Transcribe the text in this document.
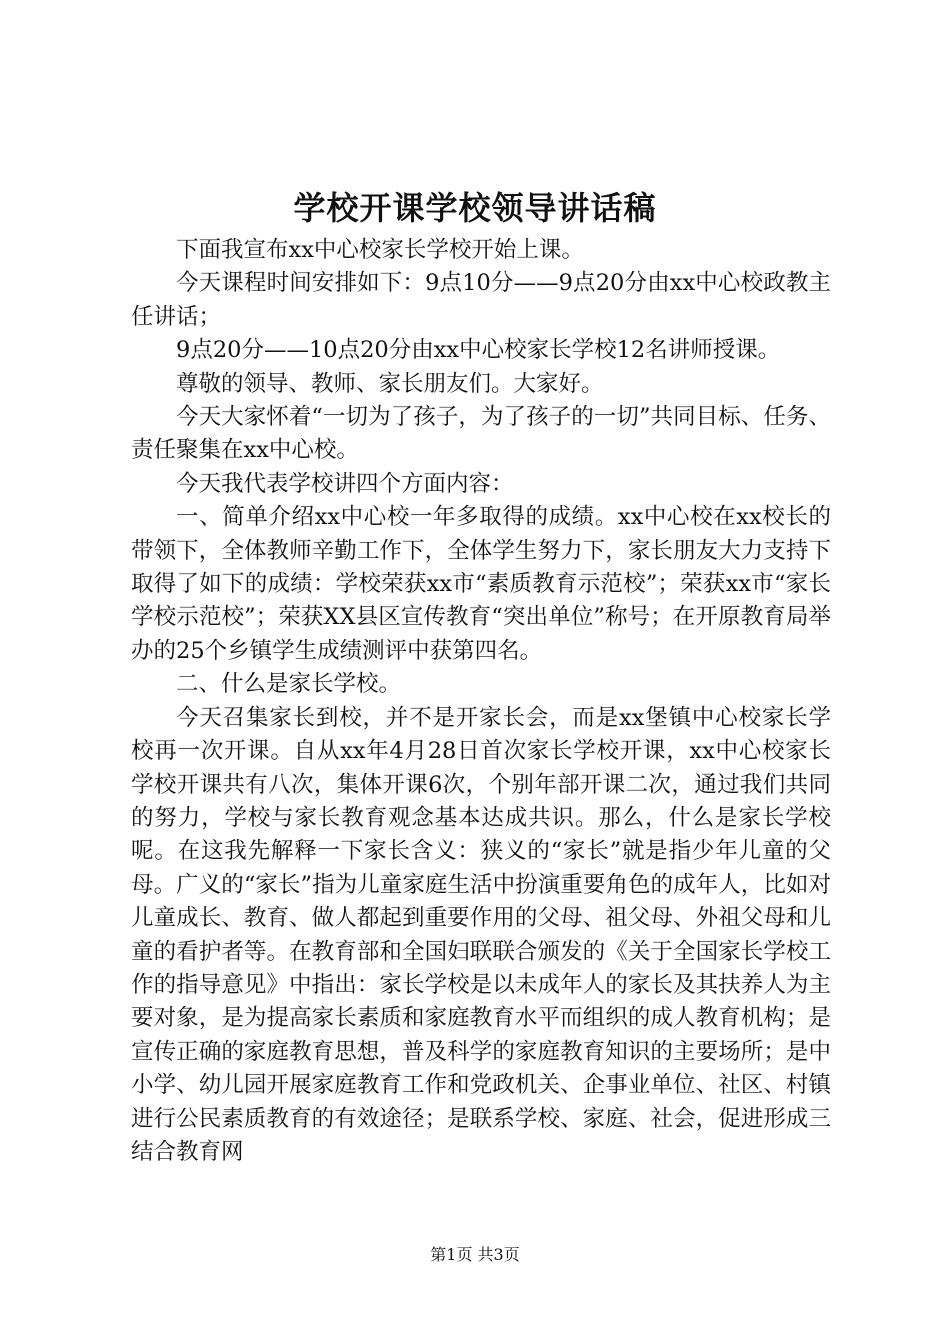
学校开课学校领导讲话稿

下面我宣布xx中心校家长学校开始上课。

今天课程时间安排如下：9点10分——9点20分由xx中心校政教主任讲话；

9点20分——10点20分由xx中心校家长学校12名讲师授课。

尊敬的领导、教师、家长朋友们。大家好。

今天大家怀着“一切为了孩子，为了孩子的一切”共同目标、任务、责任聚集在xx中心校。

今天我代表学校讲四个方面内容：

一、简单介绍xx中心校一年多取得的成绩。xx中心校在xx校长的带领下，全体教师辛勤工作下，全体学生努力下，家长朋友大力支持下取得了如下的成绩：学校荣获xx市“素质教育示范校”；荣获xx市“家长学校示范校”；荣获XX县区宣传教育“突出单位”称号；在开原教育局举办的25个乡镇学生成绩测评中获第四名。

二、什么是家长学校。

今天召集家长到校，并不是开家长会，而是xx堡镇中心校家长学校再一次开课。自从xx年4月28日首次家长学校开课，xx中心校家长学校开课共有八次，集体开课6次，个别年部开课二次，通过我们共同的努力，学校与家长教育观念基本达成共识。那么，什么是家长学校呢。在这我先解释一下家长含义：狭义的“家长”就是指少年儿童的父母。广义的“家长”指为儿童家庭生活中扮演重要角色的成年人，比如对儿童成长、教育、做人都起到重要作用的父母、祖父母、外祖父母和儿童的看护者等。在教育部和全国妇联联合颁发的《关于全国家长学校工作的指导意见》中指出：家长学校是以未成年人的家长及其扶养人为主要对象，是为提高家长素质和家庭教育水平而组织的成人教育机构；是宣传正确的家庭教育思想，普及科学的家庭教育知识的主要场所；是中小学、幼儿园开展家庭教育工作和党政机关、企事业单位、社区、村镇进行公民素质教育的有效途径；是联系学校、家庭、社会，促进形成三结合教育网

第1页 共3页
